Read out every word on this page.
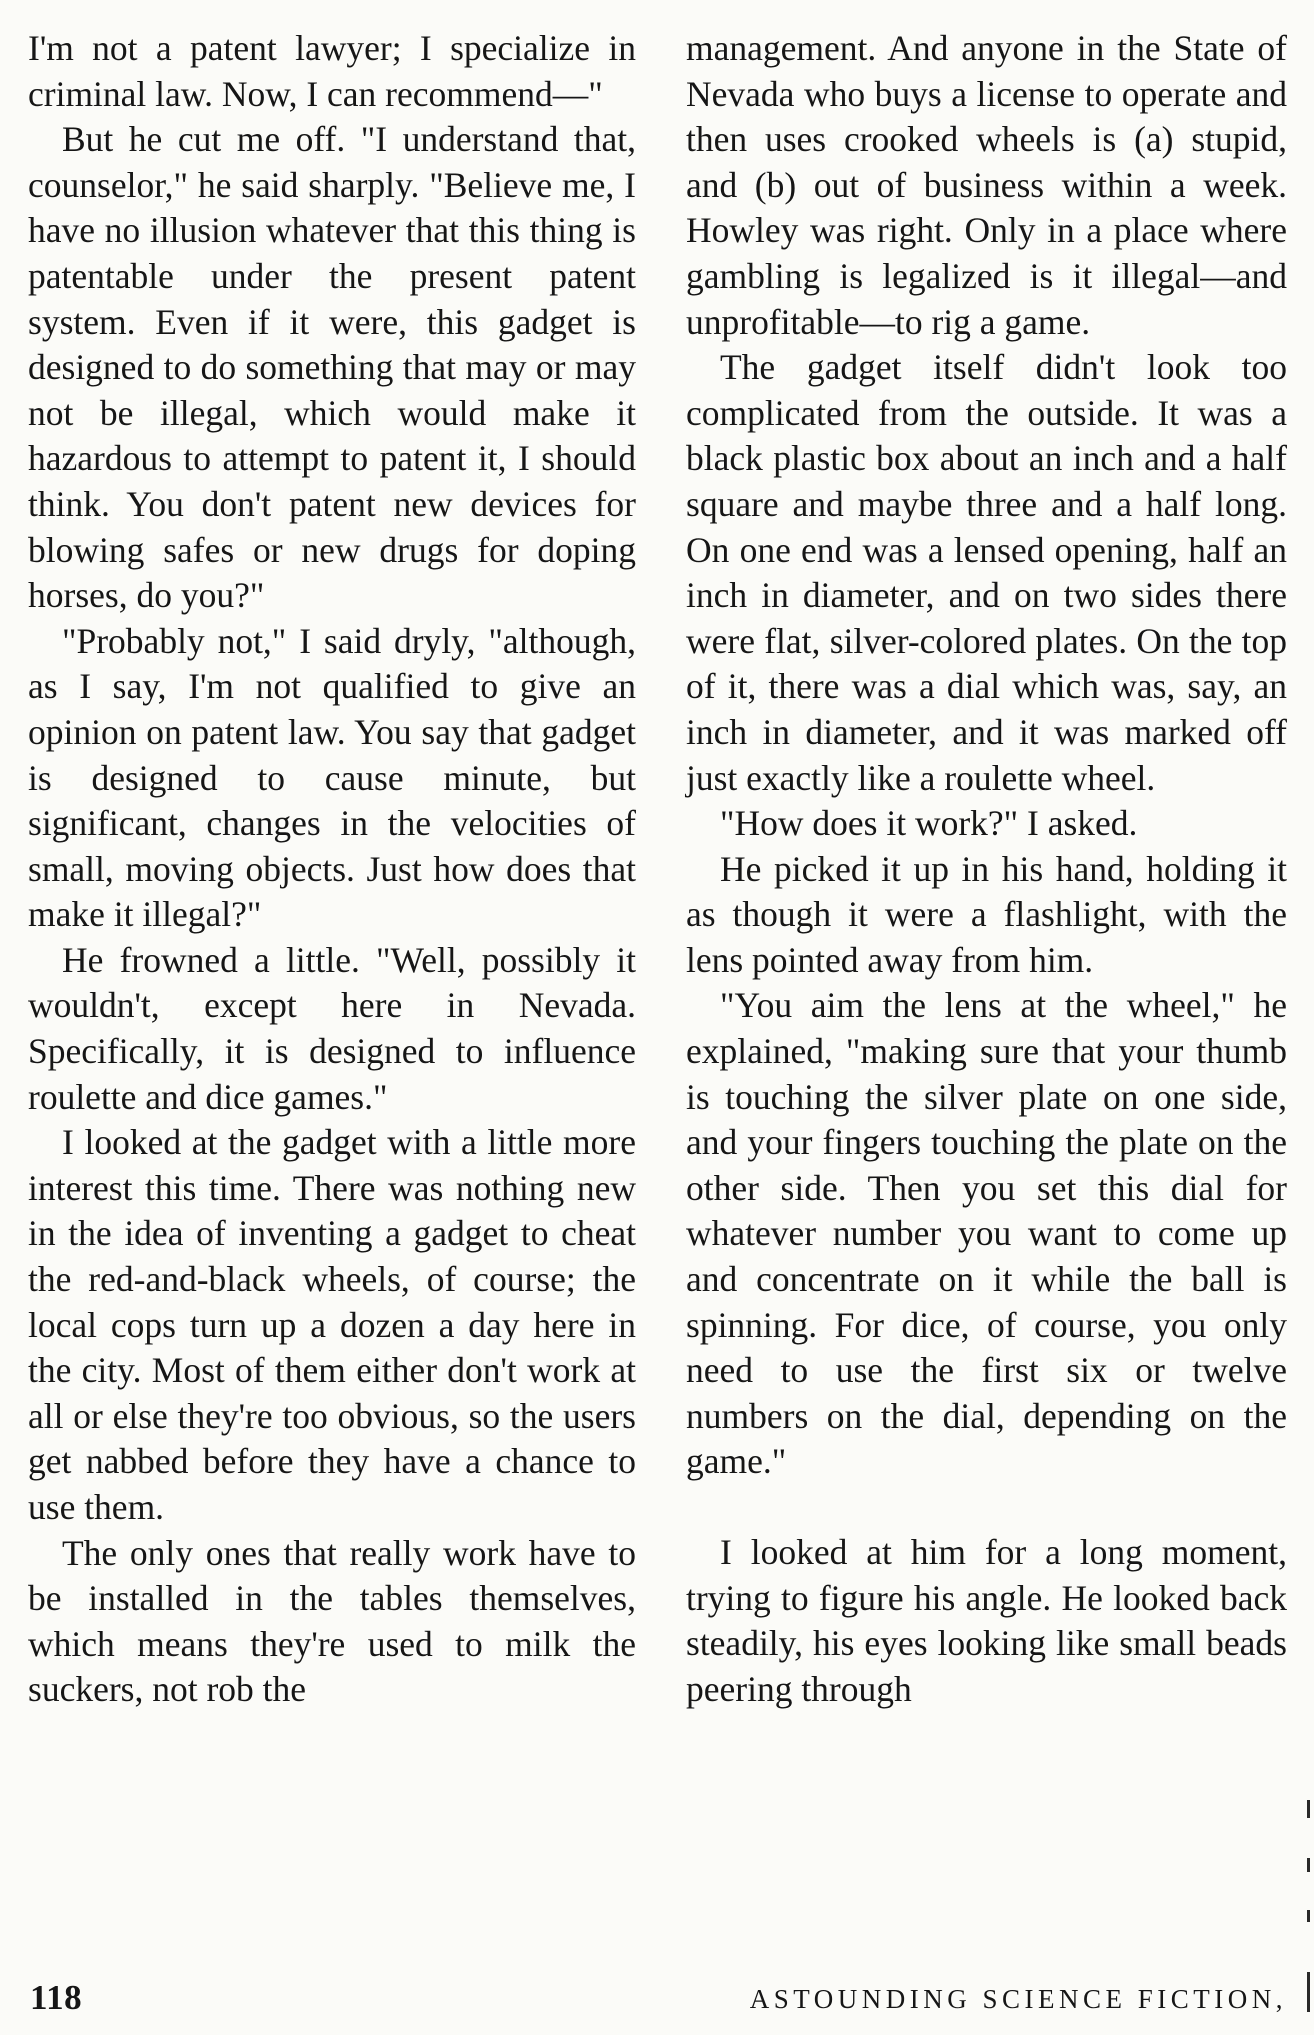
I'm not a patent lawyer; I specialize in criminal law. Now, I can recommend—"

But he cut me off. "I understand that, counselor," he said sharply. "Believe me, I have no illusion whatever that this thing is patentable under the present patent system. Even if it were, this gadget is designed to do something that may or may not be illegal, which would make it hazardous to attempt to patent it, I should think. You don't patent new devices for blowing safes or new drugs for doping horses, do you?"

"Probably not," I said dryly, "although, as I say, I'm not qualified to give an opinion on patent law. You say that gadget is designed to cause minute, but significant, changes in the velocities of small, moving objects. Just how does that make it illegal?"

He frowned a little. "Well, possibly it wouldn't, except here in Nevada. Specifically, it is designed to influence roulette and dice games."

I looked at the gadget with a little more interest this time. There was nothing new in the idea of inventing a gadget to cheat the red-and-black wheels, of course; the local cops turn up a dozen a day here in the city. Most of them either don't work at all or else they're too obvious, so the users get nabbed before they have a chance to use them.

The only ones that really work have to be installed in the tables themselves, which means they're used to milk the suckers, not rob the

management. And anyone in the State of Nevada who buys a license to operate and then uses crooked wheels is (a) stupid, and (b) out of business within a week. Howley was right. Only in a place where gambling is legalized is it illegal—and unprofitable—to rig a game.

The gadget itself didn't look too complicated from the outside. It was a black plastic box about an inch and a half square and maybe three and a half long. On one end was a lensed opening, half an inch in diameter, and on two sides there were flat, silver-colored plates. On the top of it, there was a dial which was, say, an inch in diameter, and it was marked off just exactly like a roulette wheel.

"How does it work?" I asked.

He picked it up in his hand, holding it as though it were a flashlight, with the lens pointed away from him.

"You aim the lens at the wheel," he explained, "making sure that your thumb is touching the silver plate on one side, and your fingers touching the plate on the other side. Then you set this dial for whatever number you want to come up and concentrate on it while the ball is spinning. For dice, of course, you only need to use the first six or twelve numbers on the dial, depending on the game."

I looked at him for a long moment, trying to figure his angle. He looked back steadily, his eyes looking like small beads peering through

118	ASTOUNDING SCIENCE FICTION,
